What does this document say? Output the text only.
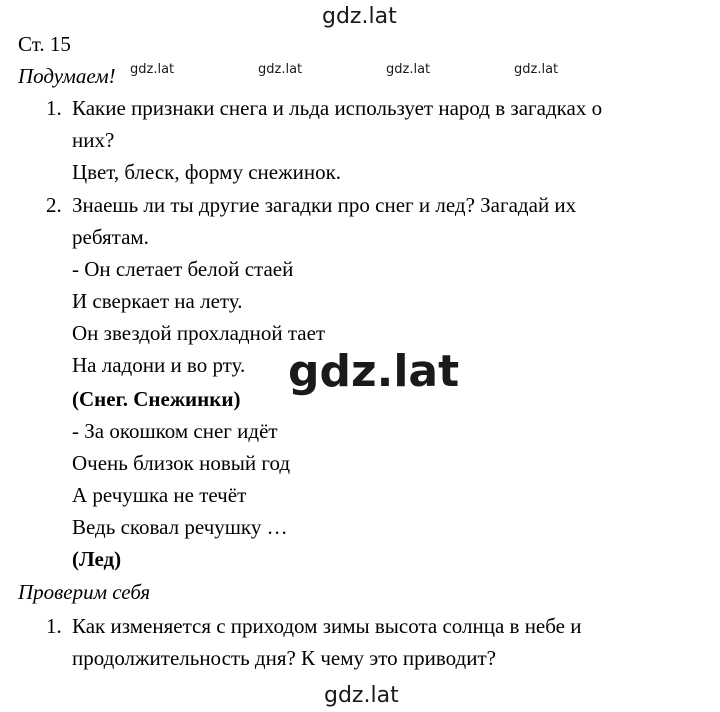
gdz.lat
Ст. 15
Подумаем! gdz.lat	gdz.lat	gdz.lat	gdz.lat
1. Какие признаки снега и льда использует народ в загадках о
них?
Цвет, блеск, форму снежинок.
2. Знаешь ли ты другие загадки про снег и лед? Загадай их
ребятам.
- Он слетает белой стаей
И сверкает на лету.
Он звездой прохладной тает
На ладони и во рту.
(Снег. Снежинки)
- За окошком снег идёт
Очень близок новый год
А речушка не течёт
Ведь сковал речушку …
(Лед)
Проверим себя
1. Как изменяется с приходом зимы высота солнца в небе и
продолжительность дня? К чему это приводит?
gdz.lat
gdz.lat
